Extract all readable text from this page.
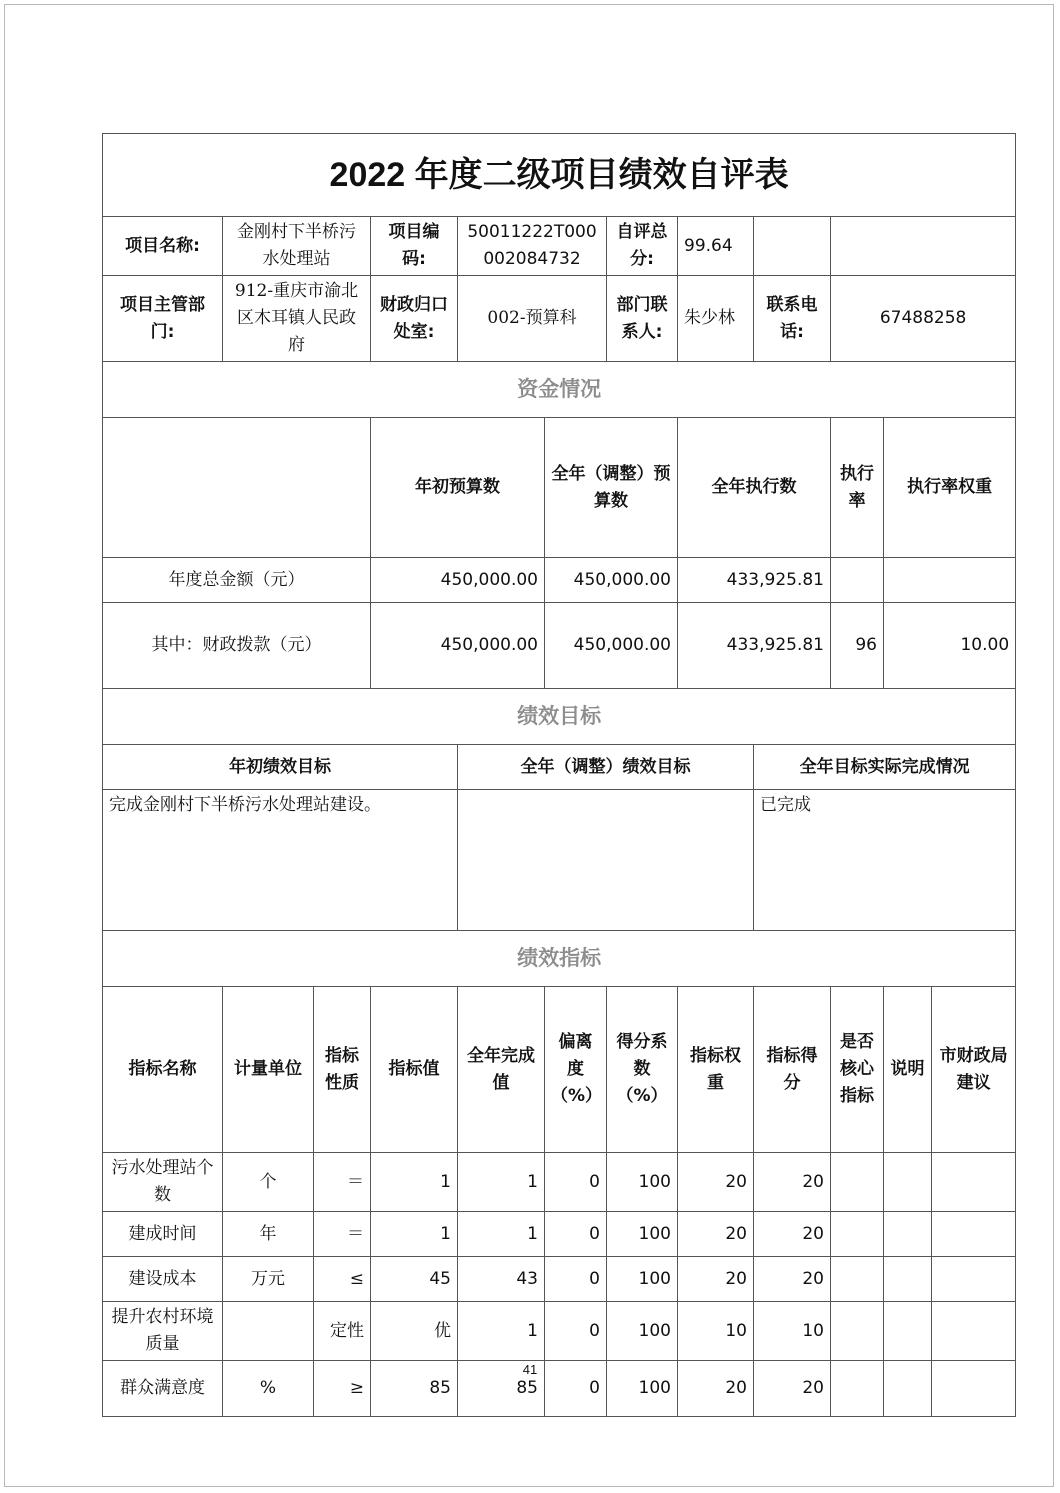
2022 年度二级项目绩效自评表												
项目名称:	金刚村下半桥污水处理站		项目编码:	50011222T000002084732		自评总分:	99.64					
项目主管部门:	912-重庆市渝北区木耳镇人民政府		财政归口处室:	002-预算科		部门联系人:	朱少林	联系电话:	67488258			
资金情况												
			年初预算数		全年（调整）预算数		全年执行数		执行率	执行率权重	
年度总金额（元）			450,000.00		450,000.00		433,925.81					
其中：财政拨款（元）			450,000.00		450,000.00		433,925.81		96	10.00	
绩效目标												
年初绩效目标				全年（调整）绩效目标				全年目标实际完成情况				
完成金刚村下半桥污水处理站建设。								已完成				
绩效指标												
指标名称	计量单位	指标性质	指标值	全年完成值	偏离度（%）	得分系数（%）	指标权重	指标得分	是否核心指标	说明	市财政局建议	
污水处理站个数	个	＝	1	1	0	100	20	20				
建成时间	年	＝	1	1	0	100	20	20				
建设成本	万元	≤	45	43	0	100	20	20				
提升农村环境质量		定性	优	1	0	100	10	10				
群众满意度	%	≥	85	85	0	100	20	20				
41
